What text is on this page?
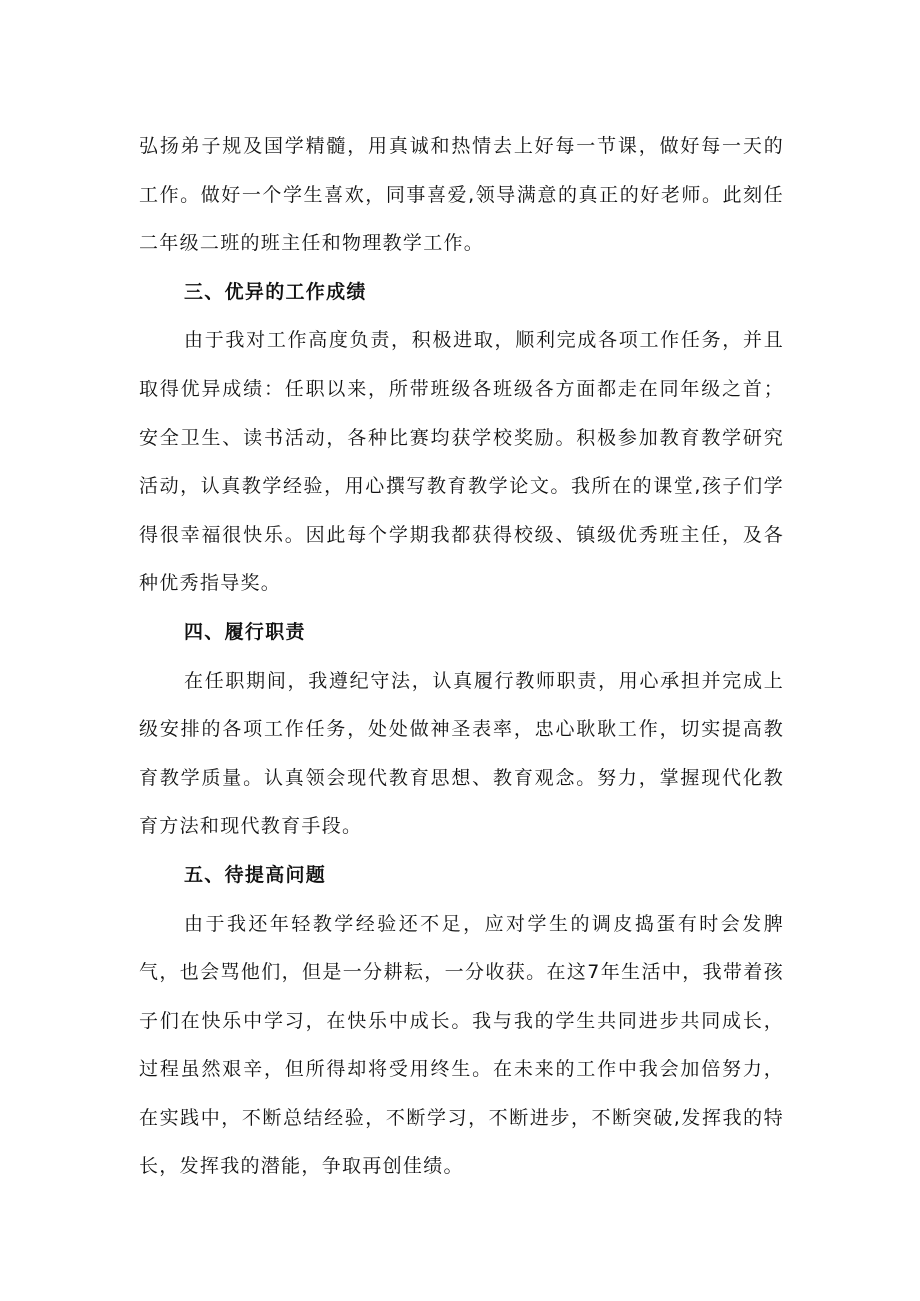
弘扬弟子规及国学精髓，用真诚和热情去上好每一节课，做好每一天的工作。做好一个学生喜欢，同事喜爱,领导满意的真正的好老师。此刻任二年级二班的班主任和物理教学工作。

三、优异的工作成绩

由于我对工作高度负责，积极进取，顺利完成各项工作任务，并且取得优异成绩：任职以来，所带班级各班级各方面都走在同年级之首；安全卫生、读书活动，各种比赛均获学校奖励。积极参加教育教学研究活动，认真教学经验，用心撰写教育教学论文。我所在的课堂,孩子们学得很幸福很快乐。因此每个学期我都获得校级、镇级优秀班主任，及各种优秀指导奖。

四、履行职责

在任职期间，我遵纪守法，认真履行教师职责，用心承担并完成上级安排的各项工作任务，处处做神圣表率，忠心耿耿工作，切实提高教育教学质量。认真领会现代教育思想、教育观念。努力，掌握现代化教育方法和现代教育手段。

五、待提高问题

由于我还年轻教学经验还不足，应对学生的调皮捣蛋有时会发脾气，也会骂他们，但是一分耕耘，一分收获。在这7年生活中，我带着孩子们在快乐中学习，在快乐中成长。我与我的学生共同进步共同成长，过程虽然艰辛，但所得却将受用终生。在未来的工作中我会加倍努力，在实践中，不断总结经验，不断学习，不断进步，不断突破,发挥我的特长，发挥我的潜能，争取再创佳绩。
